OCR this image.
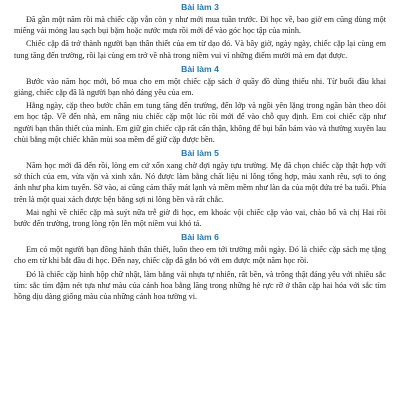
Bài làm 3

Đã gần một năm rồi mà chiếc cặp vẫn còn y như mới mua tuần trước. Đi học về, bao giờ em cũng dùng một miếng vải mỏng lau sạch bụi bặm hoặc nước mưa rồi mới để vào góc học tập của mình.

Chiếc cặp đã trở thành người bạn thân thiết của em từ dạo đó. Và bây giờ, ngày ngày, chiếc cặp lại cùng em tung tăng đến trường, rồi lại cùng em trở về nhà trong niềm vui vì những điểm mười mà em đạt được.

Bài làm 4

Bước vào năm học mới, bố mua cho em một chiếc cặp sách ở quầy đồ dùng thiếu nhi. Từ buổi đầu khai giảng, chiếc cặp đã là người bạn nhỏ đáng yêu của em.

Hằng ngày, cặp theo bước chân em tung tăng đến trường, đến lớp và ngồi yên lặng trong ngăn bàn theo dõi em học tập. Về đến nhà, em nâng niu chiếc cặp một lúc rồi mới để vào chỗ quy định. Em coi chiếc cặp như người bạn thân thiết của mình. Em giữ gìn chiếc cặp rất cẩn thận, không để bụi bẩn bám vào và thường xuyên lau chùi bằng một chiếc khăn mùi soa mềm để giữ cặp được bền.

Bài làm 5

Năm học mới đã đến rồi, lòng em cứ xốn xang chờ đợi ngày tựu trường. Mẹ đã chọn chiếc cặp thật hợp với sở thích của em, vừa vặn và xinh xắn. Nó được làm bằng chất liệu ni lông tổng hợp, màu xanh rêu, sợi to óng ánh như pha kim tuyến. Sờ vào, ai cũng cảm thấy mát lạnh và mềm mềm như làn da của một đứa trẻ ba tuổi. Phía trên là một quai xách được bện bằng sợi ni lông bền và rất chắc.

Mai nghỉ về chiếc cặp mà suýt nữa trễ giờ đi học, em khoác vội chiếc cặp vào vai, chào bố và chị Hai rồi bước đến trường, trong lòng rộn lên một niềm vui khó tả.

Bài làm 6

Em có một người bạn đồng hành thân thiết, luôn theo em tới trường mỗi ngày. Đó là chiếc cặp sách mẹ tặng cho em từ khi bắt đầu đi học. Đến nay, chiếc cặp đã gắn bó với em được một năm học rồi.

Đó là chiếc cặp hình hộp chữ nhật, làm bằng vải nhựa tự nhiên, rất bền, và trông thật đáng yêu với nhiều sắc tím: sắc tím đậm nét tựa như màu của cánh hoa bằng lăng trong những hè rực rỡ ở thân cặp hai hóa với sắc tím hồng dịu dàng giống màu của những cánh hoa tường vi.
